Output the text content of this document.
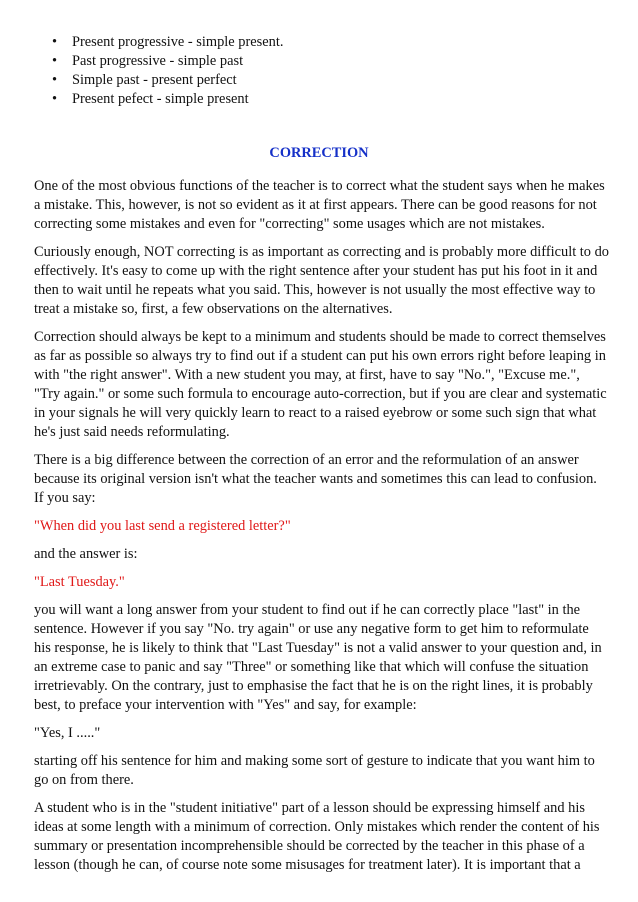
• Present progressive - simple present.
• Past progressive - simple past
• Simple past - present perfect
• Present pefect - simple present
CORRECTION

One of the most obvious functions of the teacher is to correct what the student says when he makes a mistake. This, however, is not so evident as it at first appears. There can be good reasons for not correcting some mistakes and even for "correcting" some usages which are not mistakes.

Curiously enough, NOT correcting is as important as correcting and is probably more difficult to do effectively. It's easy to come up with the right sentence after your student has put his foot in it and then to wait until he repeats what you said. This, however is not usually the most effective way to treat a mistake so, first, a few observations on the alternatives.

Correction should always be kept to a minimum and students should be made to correct themselves as far as possible so always try to find out if a student can put his own errors right before leaping in with "the right answer". With a new student you may, at first, have to say "No.", "Excuse me.", "Try again." or some such formula to encourage auto-correction, but if you are clear and systematic in your signals he will very quickly learn to react to a raised eyebrow or some such sign that what he's just said needs reformulating.

There is a big difference between the correction of an error and the reformulation of an answer because its original version isn't what the teacher wants and sometimes this can lead to confusion. If you say:

"When did you last send a registered letter?"

and the answer is:

"Last Tuesday."

you will want a long answer from your student to find out if he can correctly place "last" in the sentence. However if you say "No. try again" or use any negative form to get him to reformulate his response, he is likely to think that "Last Tuesday" is not a valid answer to your question and, in an extreme case to panic and say "Three" or something like that which will confuse the situation irretrievably. On the contrary, just to emphasise the fact that he is on the right lines, it is probably best, to preface your intervention with "Yes" and say, for example:

"Yes, I ....."

starting off his sentence for him and making some sort of gesture to indicate that you want him to go on from there.

A student who is in the "student initiative" part of a lesson should be expressing himself and his ideas at some length with a minimum of correction. Only mistakes which render the content of his summary or presentation incomprehensible should be corrected by the teacher in this phase of a lesson (though he can, of course note some misusages for treatment later). It is important that a
